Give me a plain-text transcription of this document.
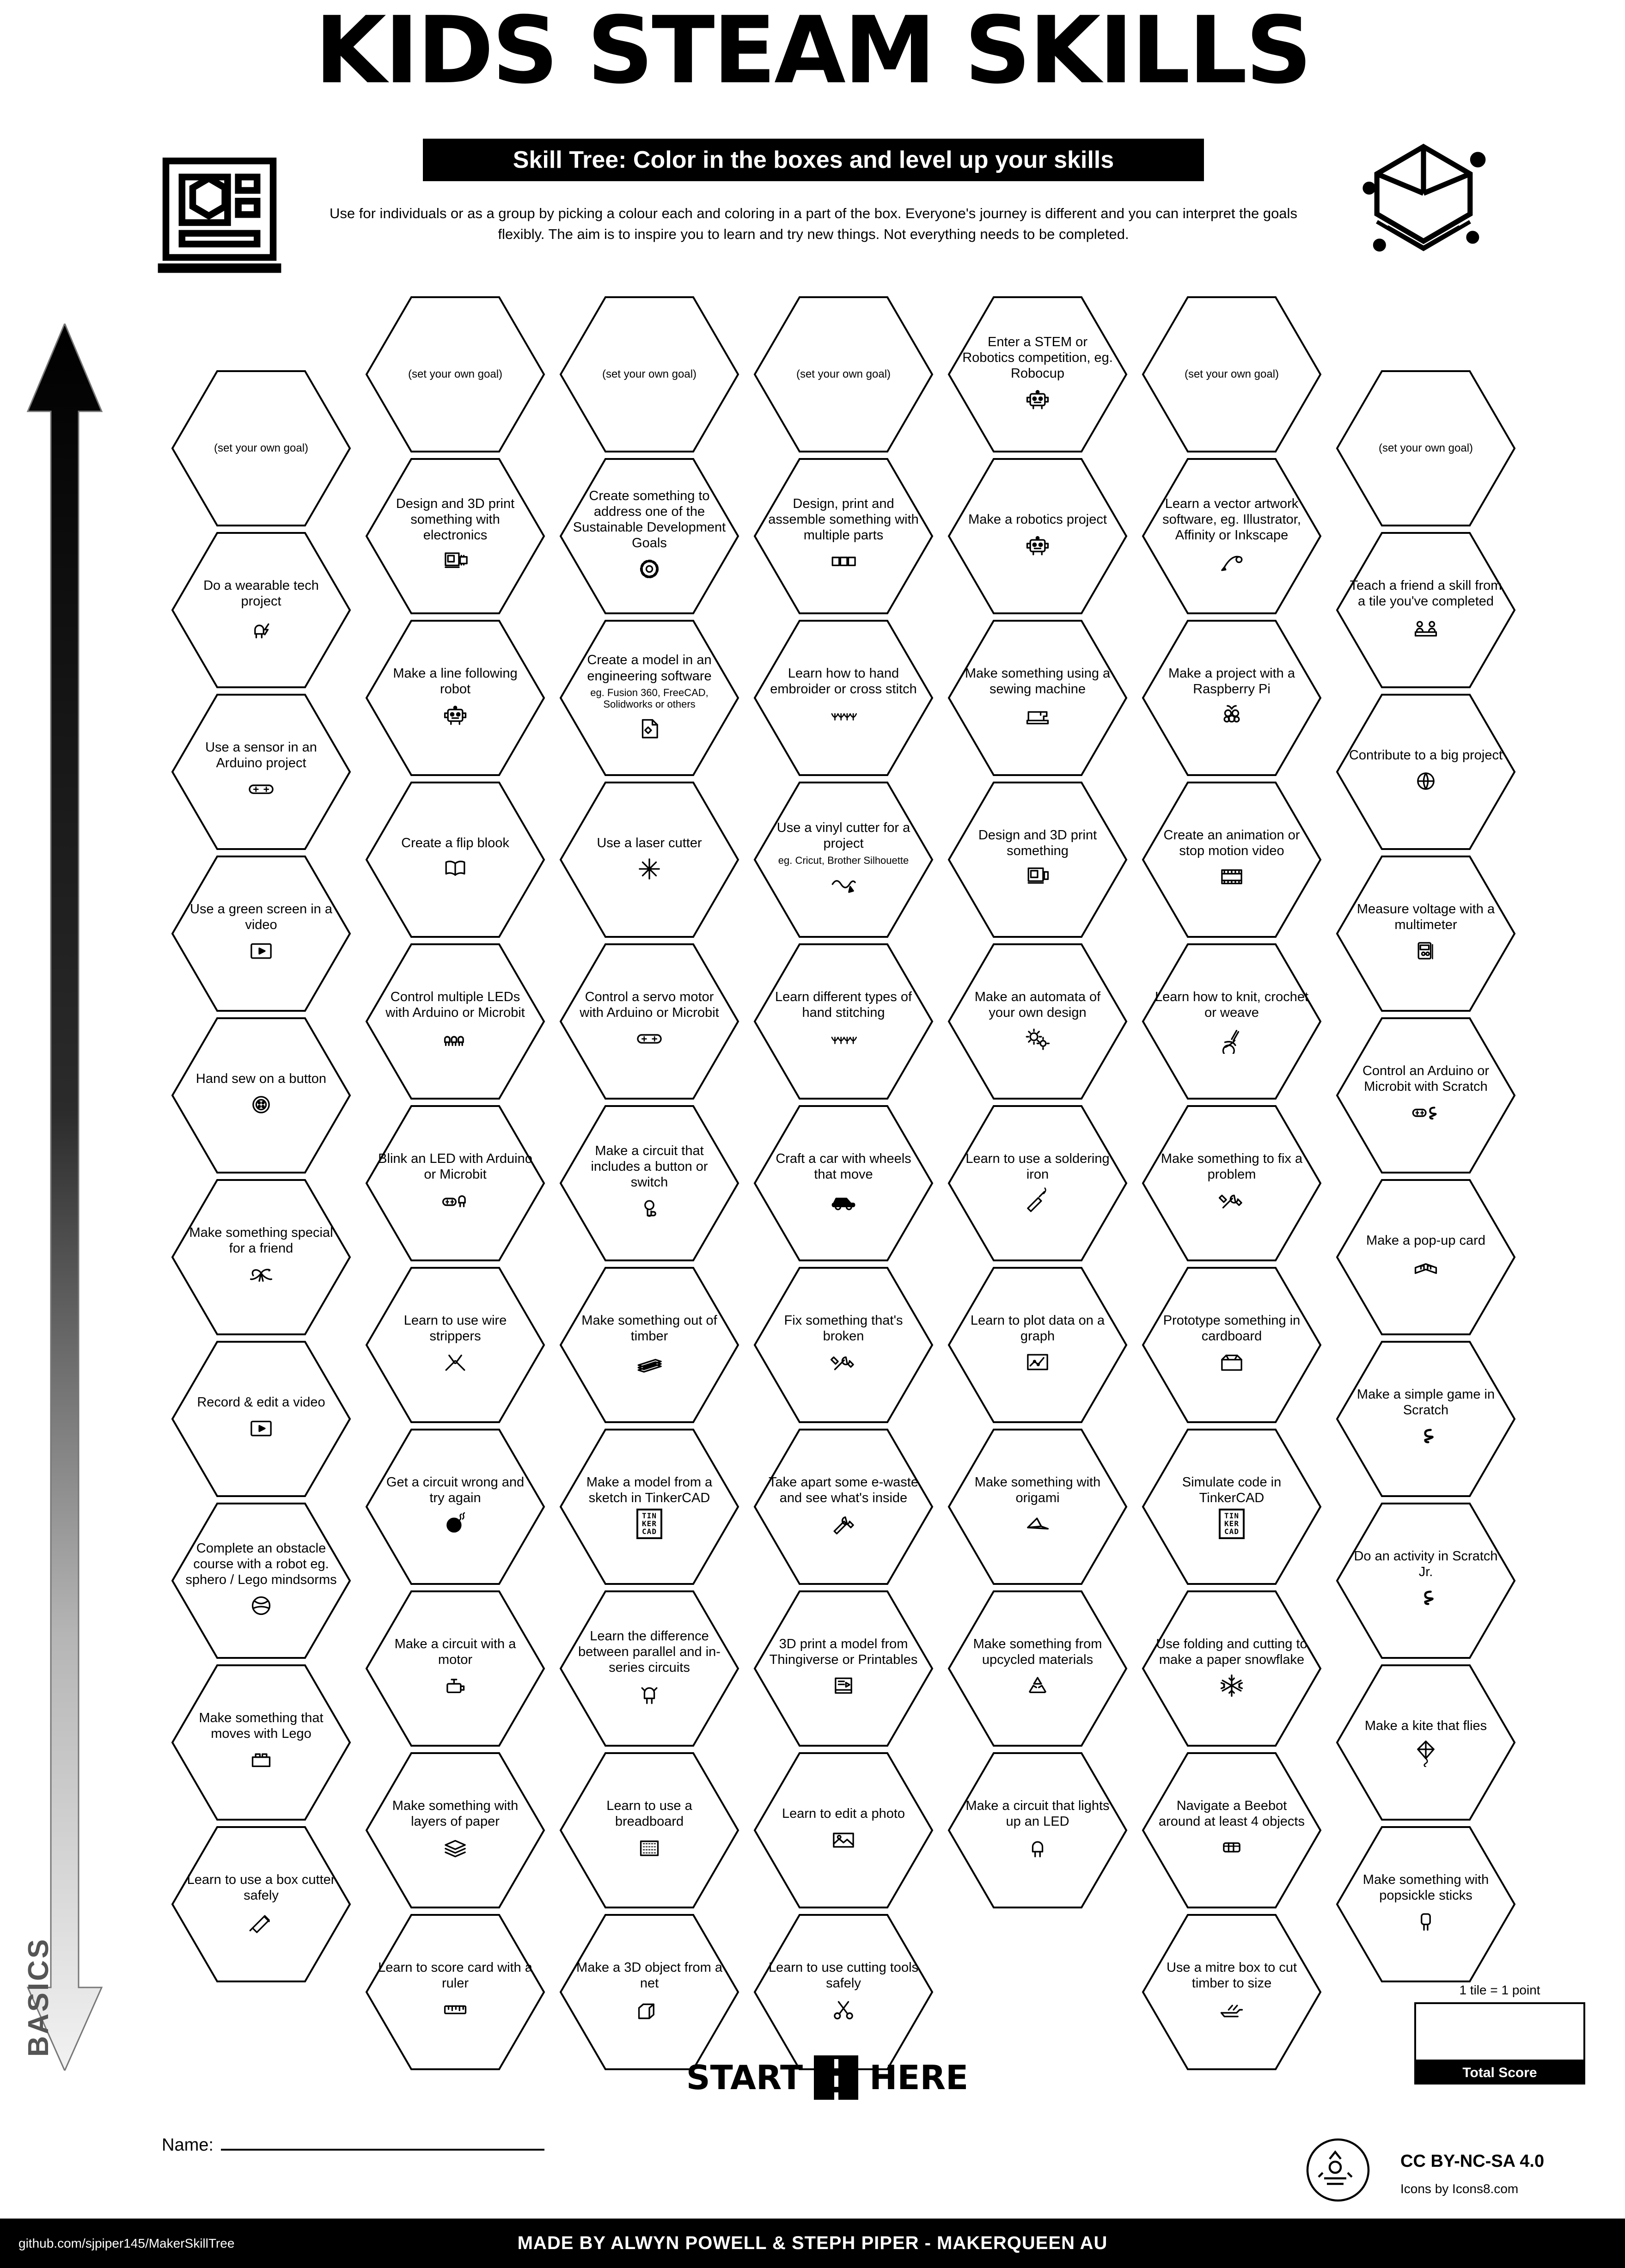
KIDS STEAM SKILLS
Skill Tree: Color in the boxes and level up your skills
Use for individuals or as a group by picking a colour each and coloring in a part of the box. Everyone's journey is different and you can interpret the goals flexibly. The aim is to inspire you to learn and try new things. Not everything needs to be completed.
ADVANCED
BASICS
(set your own goal)
Do a wearable tech project
Use a sensor in an Arduino project
Use a green screen in a video
Hand sew on a button
Make something special for a friend
Record & edit a video
Complete an obstacle course with a robot eg. sphero / Lego mindsorms
Make something that moves with Lego
Learn to use a box cutter safely
(set your own goal)
Design and 3D print something with electronics
Make a line following robot
Create a flip blook
Control multiple LEDs with Arduino or Microbit
Blink an LED with Arduino or Microbit
Learn to use wire strippers
Get a circuit wrong and try again
Make a circuit with a motor
Make something with layers of paper
Learn to score card with a ruler
(set your own goal)
Create something to address one of the Sustainable Development Goals
Create a model in an engineering software
eg. Fusion 360, FreeCAD, Solidworks or others
Use a laser cutter
Control a servo motor with Arduino or Microbit
Make a circuit that includes a button or switch
Make something out of timber
Make a model from a sketch in TinkerCAD
TIN
KER
CAD
Learn the difference between parallel and in-series circuits
Learn to use a breadboard
Make a 3D object from a net
(set your own goal)
Design, print and assemble something with multiple parts
Learn how to hand embroider or cross stitch
Use a vinyl cutter for a project
eg. Cricut, Brother Silhouette
Learn different types of hand stitching
Craft a car with wheels that move
Fix something that's broken
Take apart some e-waste and see what's inside
3D print a model from Thingiverse or Printables
Learn to edit a photo
Learn to use cutting tools safely
Enter a STEM or Robotics competition, eg. Robocup
Make a robotics project
Make something using a sewing machine
Design and 3D print something
Make an automata of your own design
Learn to use a soldering iron
Learn to plot data on a graph
Make something with origami
Make something from upcycled materials
Make a circuit that lights up an LED
(set your own goal)
Learn a vector artwork software, eg. Illustrator, Affinity or Inkscape
Make a project with a Raspberry Pi
Create an animation or stop motion video
Learn how to knit, crochet or weave
Make something to fix a problem
Prototype something in cardboard
Simulate code in TinkerCAD
TIN
KER
CAD
Use folding and cutting to make a paper snowflake
Navigate a Beebot around at least 4 objects
Use a mitre box to cut timber to size
(set your own goal)
Teach a friend a skill from a tile you've completed
Contribute to a big project
Measure voltage with a multimeter
Control an Arduino or Microbit with Scratch
Make a pop-up card
Make a simple game in Scratch
Do an activity in Scratch Jr.
Make a kite that flies
Make something with popsickle sticks
START HERE
1 tile = 1 point
Total Score
Name:
CC BY-NC-SA 4.0
Icons by Icons8.com
github.com/sjpiper145/MakerSkillTree	MADE BY ALWYN POWELL & STEPH PIPER - MAKERQUEEN AU
